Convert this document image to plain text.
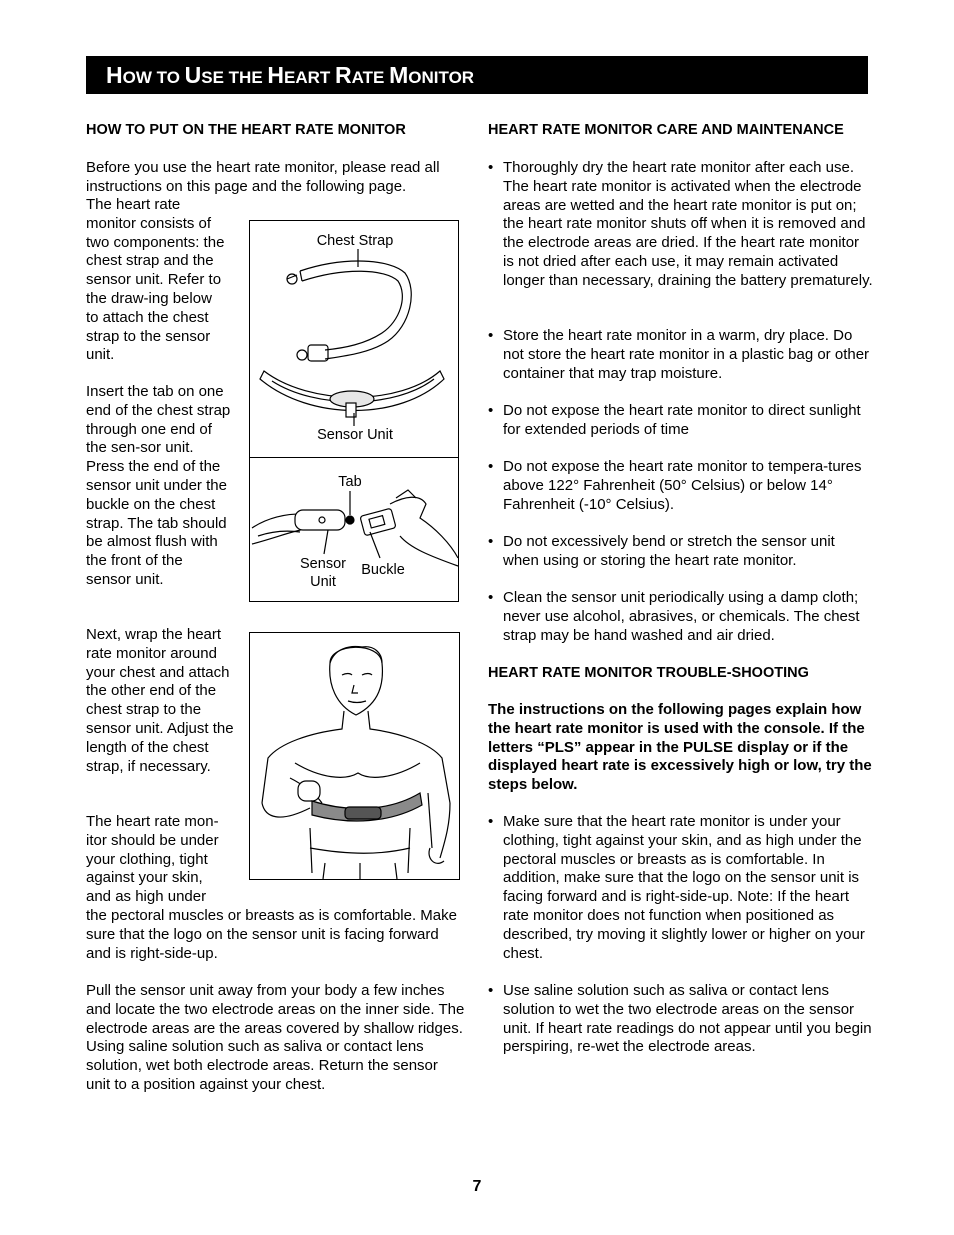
HOW TO USE THE HEART RATE MONITOR
HOW TO PUT ON THE HEART RATE MONITOR

Before you use the heart rate monitor, please read all instructions on this page and the following page.

The heart rate monitor consists of two components: the chest strap and the sensor unit. Refer to the draw-ing below to attach the chest strap to the sensor unit.

Insert the tab on one end of the chest strap through one end of the sen-sor unit. Press the end of the sensor unit under the buckle on the chest strap. The tab should be almost flush with the front of the sensor unit.

Next, wrap the heart rate monitor around your chest and attach the other end of the chest strap to the sensor unit. Adjust the length of the chest strap, if necessary.

The heart rate mon-itor should be under your clothing, tight against your skin, and as high under

the pectoral muscles or breasts as is comfortable. Make sure that the logo on the sensor unit is facing forward and is right-side-up.

Pull the sensor unit away from your body a few inches and locate the two electrode areas on the inner side. The electrode areas are the areas covered by shallow ridges. Using saline solution such as saliva or contact lens solution, wet both electrode areas. Return the sensor unit to a position against your chest.

Chest Strap
Sensor Unit
Tab
Sensor
Unit
Buckle
HEART RATE MONITOR CARE AND MAINTENANCE
• Thoroughly dry the heart rate monitor after each use. The heart rate monitor is activated when the electrode areas are wetted and the heart rate monitor is put on; the heart rate monitor shuts off when it is removed and the electrode areas are dried. If the heart rate monitor is not dried after each use, it may remain activated longer than necessary, draining the battery prematurely.
• Store the heart rate monitor in a warm, dry place. Do not store the heart rate monitor in a plastic bag or other container that may trap moisture.
• Do not expose the heart rate monitor to direct sunlight for extended periods of time
• Do not expose the heart rate monitor to tempera-tures above 122° Fahrenheit (50° Celsius) or below 14° Fahrenheit (-10° Celsius).
• Do not excessively bend or stretch the sensor unit when using or storing the heart rate monitor.
• Clean the sensor unit periodically using a damp cloth; never use alcohol, abrasives, or chemicals. The chest strap may be hand washed and air dried.
HEART RATE MONITOR TROUBLE-SHOOTING

The instructions on the following pages explain how the heart rate monitor is used with the console. If the letters “PLS” appear in the PULSE display or if the displayed heart rate is excessively high or low, try the steps below.

• Make sure that the heart rate monitor is under your clothing, tight against your skin, and as high under the pectoral muscles or breasts as is comfortable. In addition, make sure that the logo on the sensor unit is facing forward and is right-side-up. Note: If the heart rate monitor does not function when positioned as described, try moving it slightly lower or higher on your chest.
• Use saline solution such as saliva or contact lens solution to wet the two electrode areas on the sensor unit. If heart rate readings do not appear until you begin perspiring, re-wet the electrode areas.
7
